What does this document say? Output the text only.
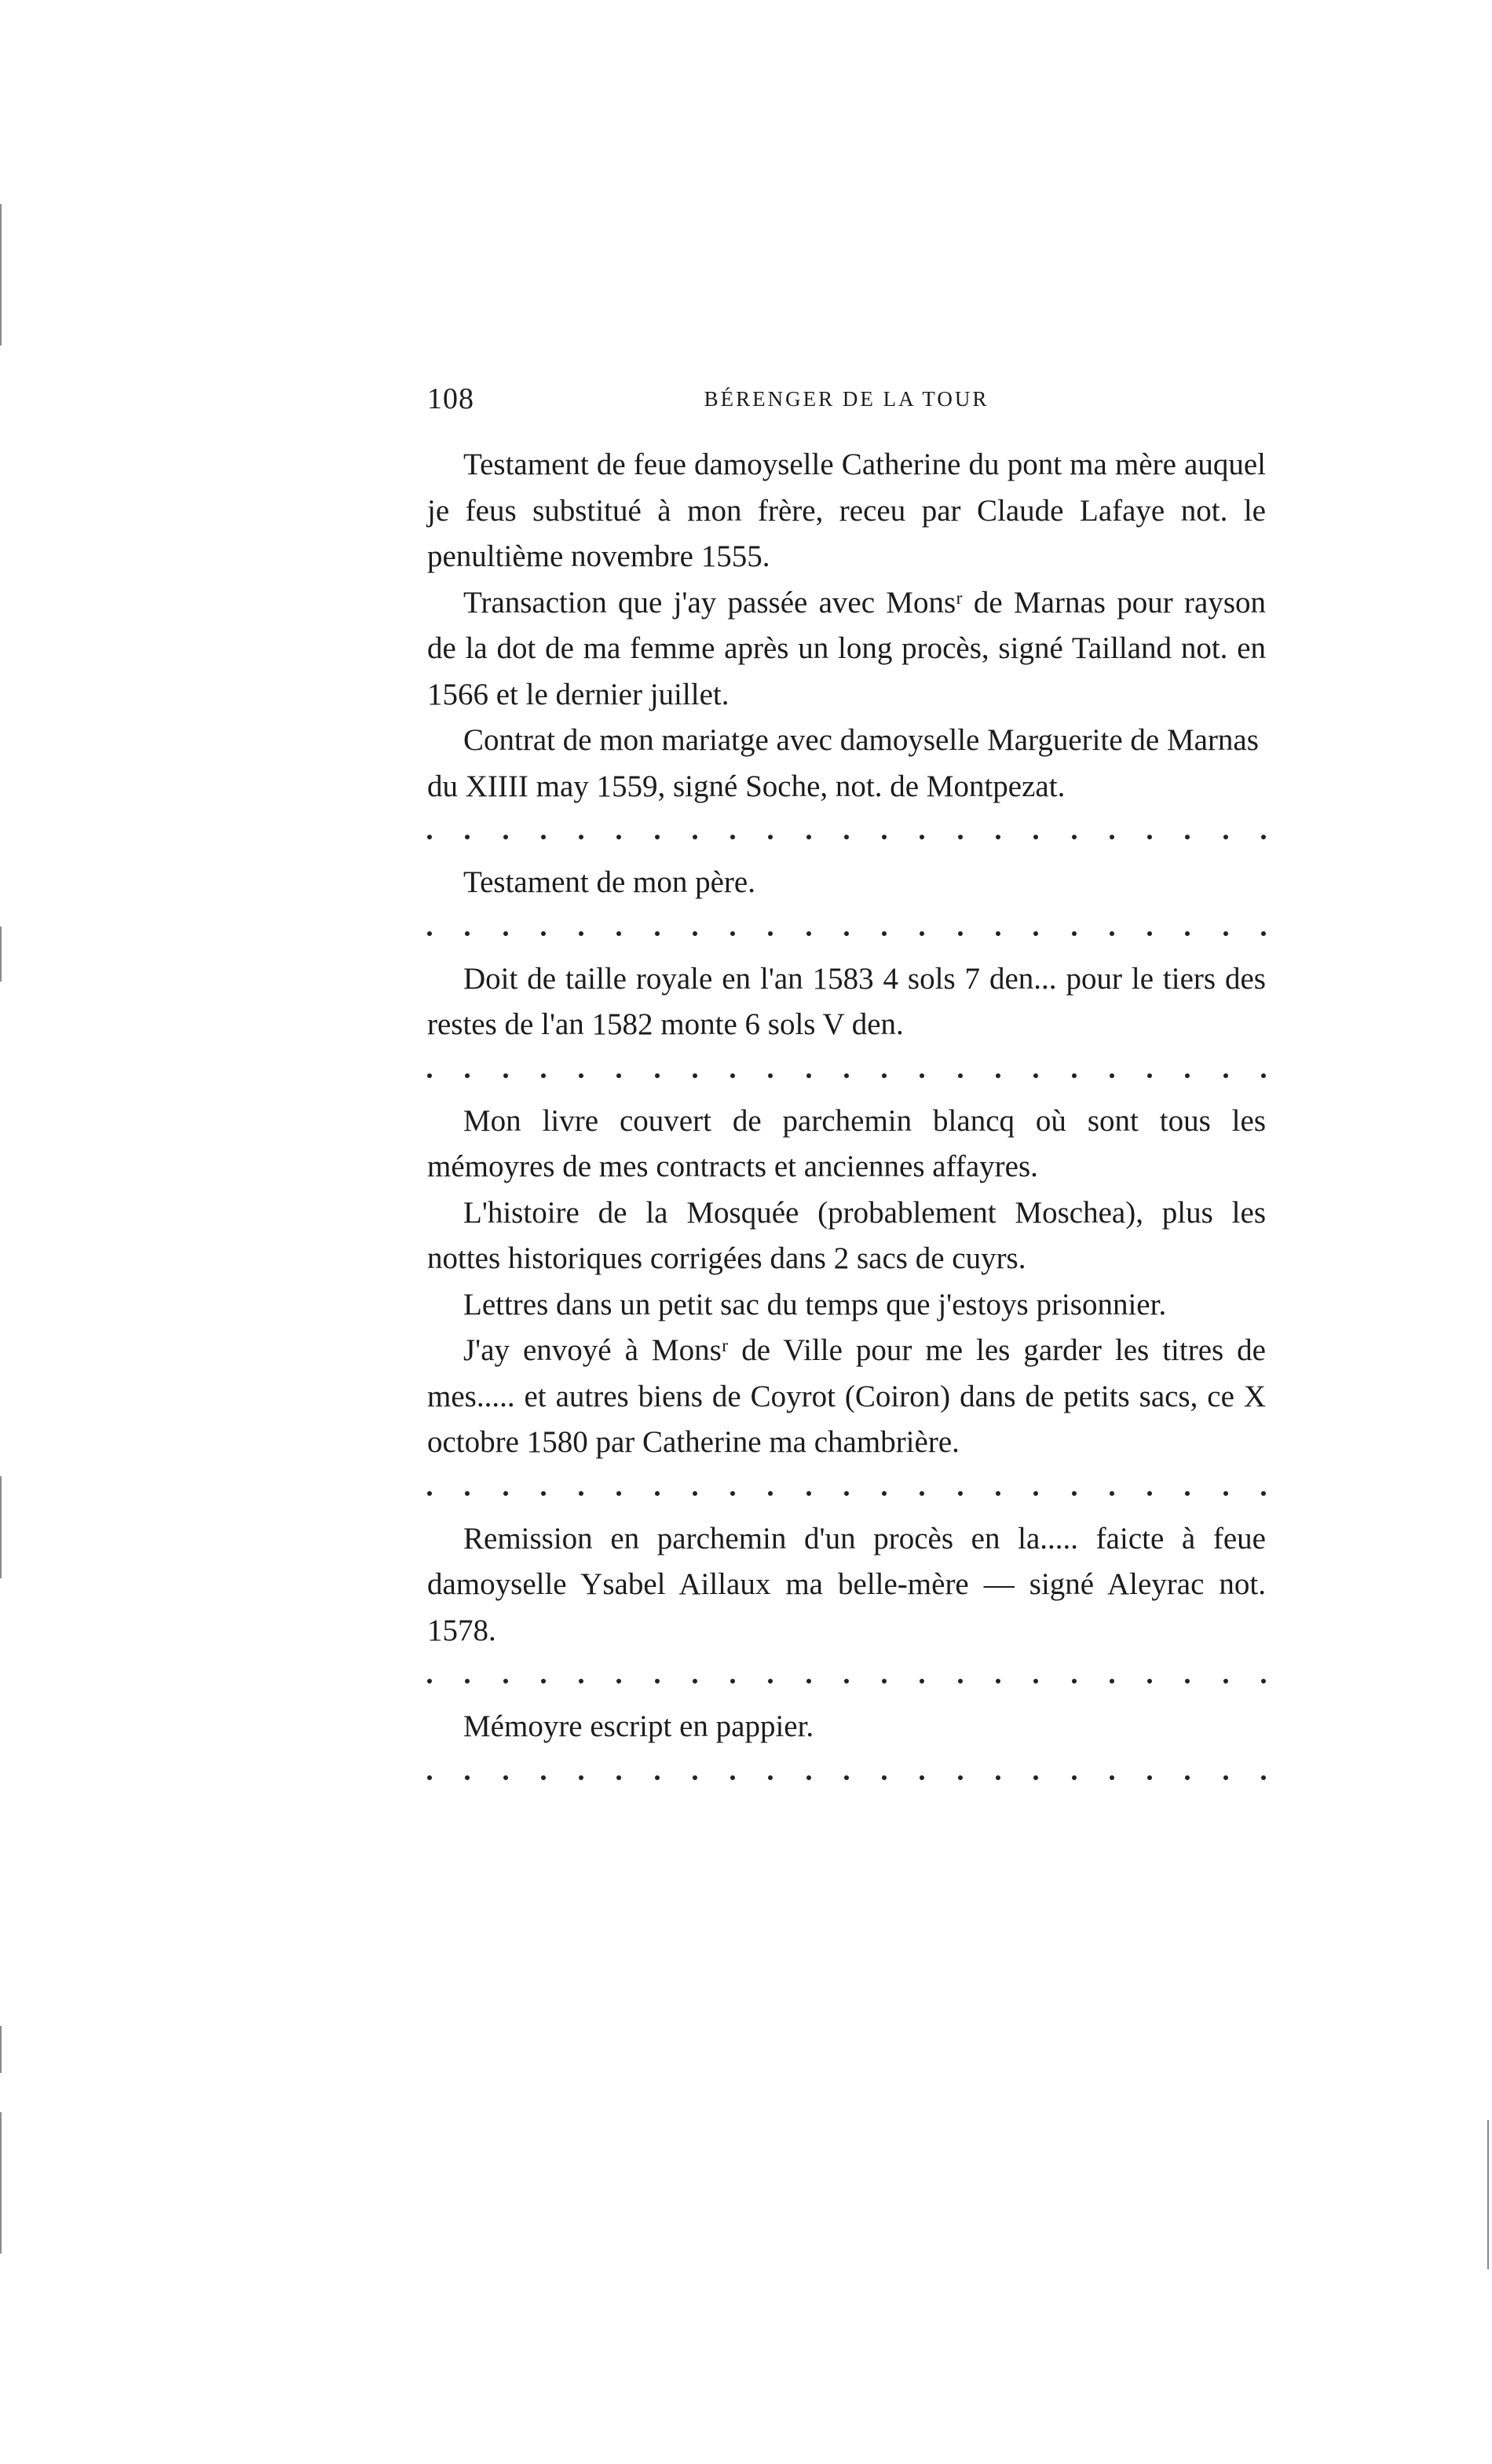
108	BÉRENGER DE LA TOUR

Testament de feue damoyselle Catherine du pont ma mère auquel je feus substitué à mon frère, receu par Claude Lafaye not. le penultième novembre 1555.

Transaction que j'ay passée avec Monsʳ de Marnas pour rayson de la dot de ma femme après un long procès, signé Tailland not. en 1566 et le dernier juillet.

Contrat de mon mariatge avec damoyselle Marguerite de Marnas du XIIII may 1559, signé Soche, not. de Montpezat.

Testament de mon père.

Doit de taille royale en l'an 1583 4 sols 7 den... pour le tiers des restes de l'an 1582 monte 6 sols V den.

Mon livre couvert de parchemin blancq où sont tous les mémoyres de mes contracts et anciennes affayres.

L'histoire de la Mosquée (probablement Moschea), plus les nottes historiques corrigées dans 2 sacs de cuyrs.

Lettres dans un petit sac du temps que j'estoys prisonnier.

J'ay envoyé à Monsʳ de Ville pour me les garder les titres de mes..... et autres biens de Coyrot (Coiron) dans de petits sacs, ce X octobre 1580 par Catherine ma chambrière.

Remission en parchemin d'un procès en la..... faicte à feue damoyselle Ysabel Aillaux ma belle-mère — signé Aleyrac not. 1578.

Mémoyre escript en pappier.
